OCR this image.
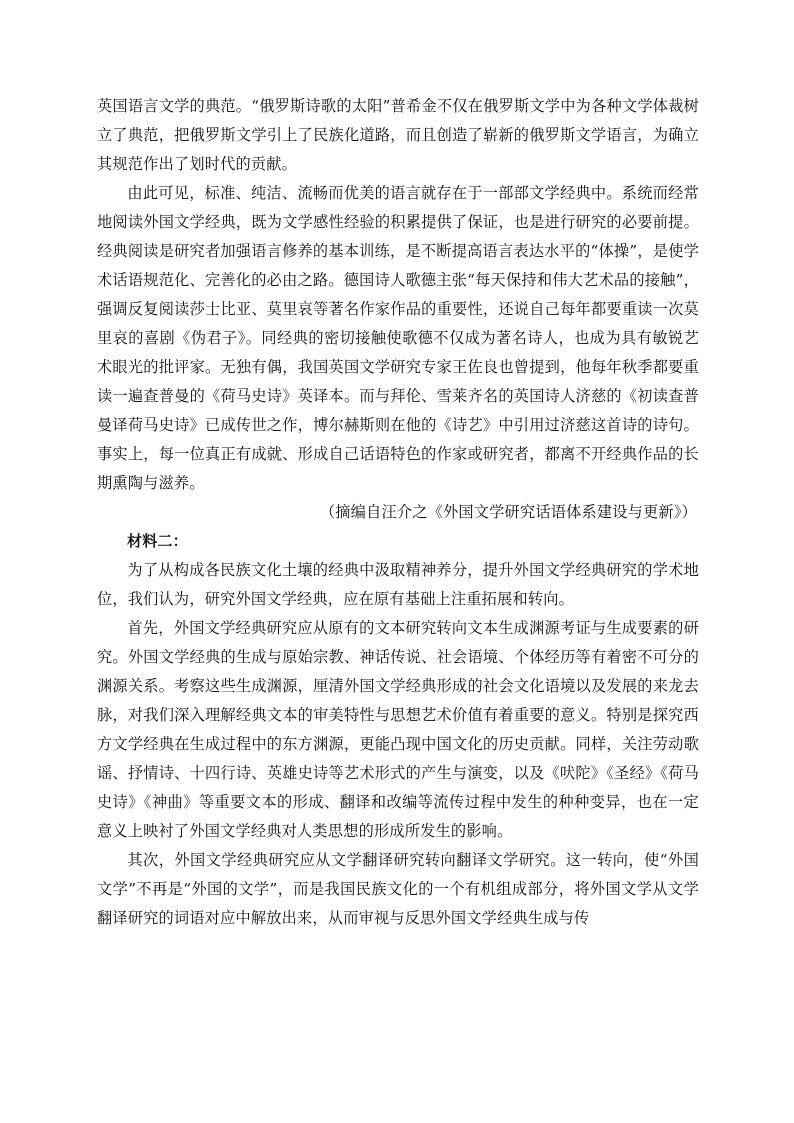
英国语言文学的典范。“俄罗斯诗歌的太阳”普希金不仅在俄罗斯文学中为各种文学体裁树立了典范，把俄罗斯文学引上了民族化道路，而且创造了崭新的俄罗斯文学语言，为确立其规范作出了划时代的贡献。

由此可见，标准、纯洁、流畅而优美的语言就存在于一部部文学经典中。系统而经常地阅读外国文学经典，既为文学感性经验的积累提供了保证，也是进行研究的必要前提。经典阅读是研究者加强语言修养的基本训练，是不断提高语言表达水平的“体操”，是使学术话语规范化、完善化的必由之路。德国诗人歌德主张“每天保持和伟大艺术品的接触”，强调反复阅读莎士比亚、莫里哀等著名作家作品的重要性，还说自己每年都要重读一次莫里哀的喜剧《伪君子》。同经典的密切接触使歌德不仅成为著名诗人，也成为具有敏锐艺术眼光的批评家。无独有偶，我国英国文学研究专家王佐良也曾提到，他每年秋季都要重读一遍查普曼的《荷马史诗》英译本。而与拜伦、雪莱齐名的英国诗人济慈的《初读查普曼译荷马史诗》已成传世之作，博尔赫斯则在他的《诗艺》中引用过济慈这首诗的诗句。事实上，每一位真正有成就、形成自己话语特色的作家或研究者，都离不开经典作品的长期熏陶与滋养。

（摘编自汪介之《外国文学研究话语体系建设与更新》）

材料二：

为了从构成各民族文化土壤的经典中汲取精神养分，提升外国文学经典研究的学术地位，我们认为，研究外国文学经典，应在原有基础上注重拓展和转向。

首先，外国文学经典研究应从原有的文本研究转向文本生成渊源考证与生成要素的研究。外国文学经典的生成与原始宗教、神话传说、社会语境、个体经历等有着密不可分的渊源关系。考察这些生成渊源，厘清外国文学经典形成的社会文化语境以及发展的来龙去脉，对我们深入理解经典文本的审美特性与思想艺术价值有着重要的意义。特别是探究西方文学经典在生成过程中的东方渊源，更能凸现中国文化的历史贡献。同样，关注劳动歌谣、抒情诗、十四行诗、英雄史诗等艺术形式的产生与演变，以及《吠陀》《圣经》《荷马史诗》《神曲》等重要文本的形成、翻译和改编等流传过程中发生的种种变异，也在一定意义上映衬了外国文学经典对人类思想的形成所发生的影响。

其次，外国文学经典研究应从文学翻译研究转向翻译文学研究。这一转向，使“外国文学”不再是“外国的文学”，而是我国民族文化的一个有机组成部分，将外国文学从文学翻译研究的词语对应中解放出来，从而审视与反思外国文学经典生成与传
